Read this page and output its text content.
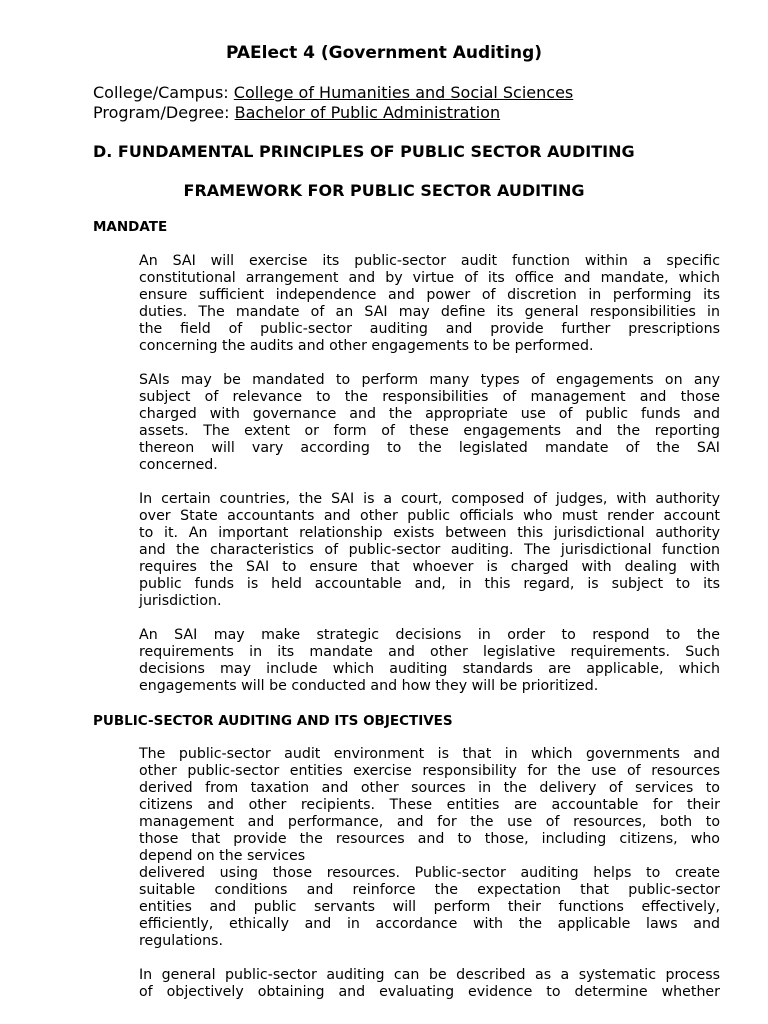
PAElect 4 (Government Auditing)
College/Campus: College of Humanities and Social Sciences
Program/Degree: Bachelor of Public Administration
D. FUNDAMENTAL PRINCIPLES OF PUBLIC SECTOR AUDITING
FRAMEWORK FOR PUBLIC SECTOR AUDITING
MANDATE
An SAI will exercise its public-sector audit function within a specific
constitutional arrangement and by virtue of its office and mandate, which
ensure sufficient independence and power of discretion in performing its
duties. The mandate of an SAI may define its general responsibilities in
the field of public-sector auditing and provide further prescriptions
concerning the audits and other engagements to be performed.
SAIs may be mandated to perform many types of engagements on any
subject of relevance to the responsibilities of management and those
charged with governance and the appropriate use of public funds and
assets. The extent or form of these engagements and the reporting
thereon will vary according to the legislated mandate of the SAI
concerned.
In certain countries, the SAI is a court, composed of judges, with authority
over State accountants and other public officials who must render account
to it. An important relationship exists between this jurisdictional authority
and the characteristics of public-sector auditing. The jurisdictional function
requires the SAI to ensure that whoever is charged with dealing with
public funds is held accountable and, in this regard, is subject to its
jurisdiction.
An SAI may make strategic decisions in order to respond to the
requirements in its mandate and other legislative requirements. Such
decisions may include which auditing standards are applicable, which
engagements will be conducted and how they will be prioritized.
PUBLIC-SECTOR AUDITING AND ITS OBJECTIVES
The public-sector audit environment is that in which governments and
other public-sector entities exercise responsibility for the use of resources
derived from taxation and other sources in the delivery of services to
citizens and other recipients. These entities are accountable for their
management and performance, and for the use of resources, both to
those that provide the resources and to those, including citizens, who
depend on the services
delivered using those resources. Public-sector auditing helps to create
suitable conditions and reinforce the expectation that public-sector
entities and public servants will perform their functions effectively,
efficiently, ethically and in accordance with the applicable laws and
regulations.
In general public-sector auditing can be described as a systematic process
of objectively obtaining and evaluating evidence to determine whether
